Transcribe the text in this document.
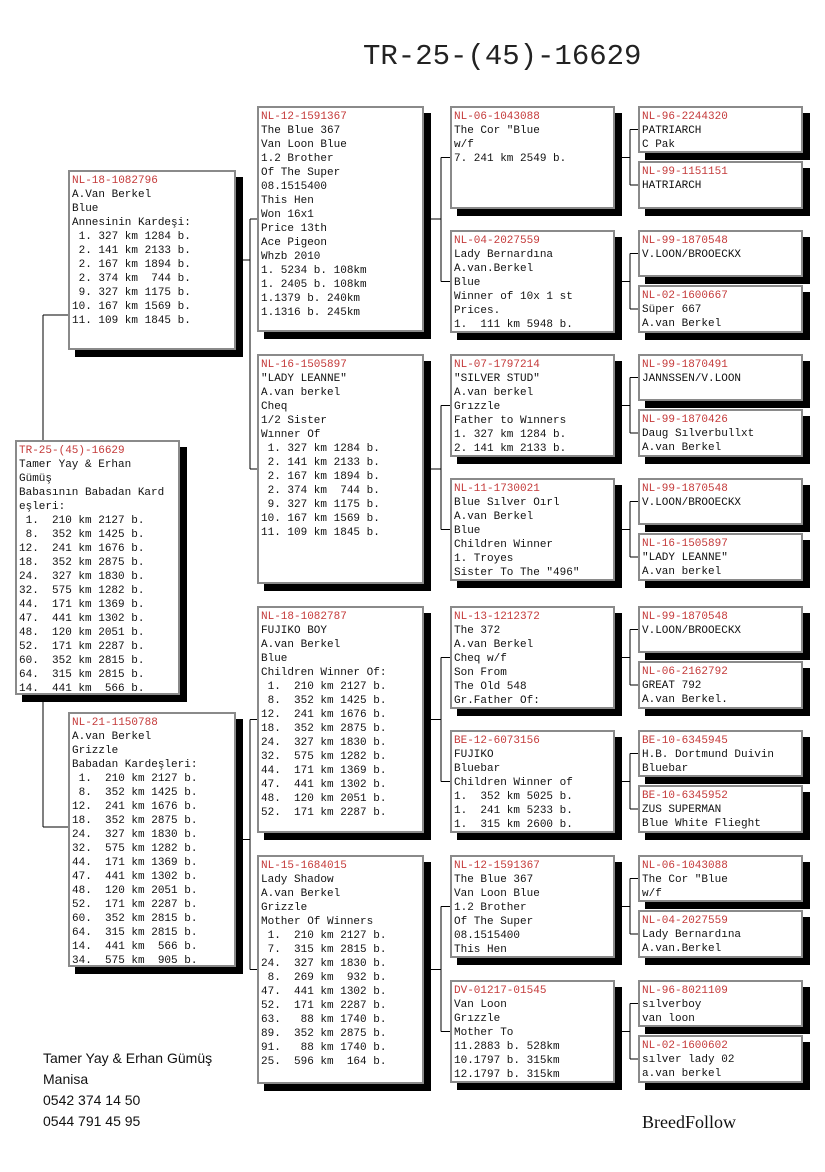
TR-25-(45)-16629
TR-25-(45)-16629
Tamer Yay & Erhan
Gümüş
Babasının Babadan Kard
eşleri:
1.  210 km 2127 b.
8.  352 km 1425 b.
12.  241 km 1676 b.
18.  352 km 2875 b.
24.  327 km 1830 b.
32.  575 km 1282 b.
44.  171 km 1369 b.
47.  441 km 1302 b.
48.  120 km 2051 b.
52.  171 km 2287 b.
60.  352 km 2815 b.
64.  315 km 2815 b.
14.  441 km  566 b.
NL-18-1082796
A.Van Berkel
Blue
Annesinin Kardeşi:
1. 327 km 1284 b.
2. 141 km 2133 b.
2. 167 km 1894 b.
2. 374 km  744 b.
9. 327 km 1175 b.
10. 167 km 1569 b.
11. 109 km 1845 b.
NL-21-1150788
A.van Berkel
Grizzle
Babadan Kardeşleri:
1.  210 km 2127 b.
8.  352 km 1425 b.
12.  241 km 1676 b.
18.  352 km 2875 b.
24.  327 km 1830 b.
32.  575 km 1282 b.
44.  171 km 1369 b.
47.  441 km 1302 b.
48.  120 km 2051 b.
52.  171 km 2287 b.
60.  352 km 2815 b.
64.  315 km 2815 b.
14.  441 km  566 b.
34.  575 km  905 b.
NL-12-1591367
The Blue 367
Van Loon Blue
1.2 Brother
Of The Super
08.1515400
This Hen
Won 16x1
Price 13th
Ace Pigeon
Whzb 2010
1. 5234 b. 108km
1. 2405 b. 108km
1.1379 b. 240km
1.1316 b. 245km
NL-16-1505897
"LADY LEANNE"
A.van berkel
Cheq
1/2 Sister
Wınner Of
1. 327 km 1284 b.
2. 141 km 2133 b.
2. 167 km 1894 b.
2. 374 km  744 b.
9. 327 km 1175 b.
10. 167 km 1569 b.
11. 109 km 1845 b.
NL-18-1082787
FUJIKO BOY
A.van Berkel
Blue
Children Winner Of:
1.  210 km 2127 b.
8.  352 km 1425 b.
12.  241 km 1676 b.
18.  352 km 2875 b.
24.  327 km 1830 b.
32.  575 km 1282 b.
44.  171 km 1369 b.
47.  441 km 1302 b.
48.  120 km 2051 b.
52.  171 km 2287 b.
NL-15-1684015
Lady Shadow
A.van Berkel
Grizzle
Mother Of Winners
1.  210 km 2127 b.
7.  315 km 2815 b.
24.  327 km 1830 b.
8.  269 km  932 b.
47.  441 km 1302 b.
52.  171 km 2287 b.
63.   88 km 1740 b.
89.  352 km 2875 b.
91.   88 km 1740 b.
25.  596 km  164 b.
NL-06-1043088
The Cor "Blue
w/f
7. 241 km 2549 b.
NL-04-2027559
Lady Bernardına
A.van.Berkel
Blue
Winner of 10x 1 st
Prices.
1.  111 km 5948 b.
NL-07-1797214
"SILVER STUD"
A.van berkel
Grızzle
Father to Wınners
1. 327 km 1284 b.
2. 141 km 2133 b.
NL-11-1730021
Blue Sılver Oırl
A.van Berkel
Blue
Children Winner
1. Troyes
Sister To The "496"
NL-13-1212372
The 372
A.van Berkel
Cheq w/f
Son From
The Old 548
Gr.Father Of:
BE-12-6073156
FUJIKO
Bluebar
Children Winner of
1.  352 km 5025 b.
1.  241 km 5233 b.
1.  315 km 2600 b.
NL-12-1591367
The Blue 367
Van Loon Blue
1.2 Brother
Of The Super
08.1515400
This Hen
DV-01217-01545
Van Loon
Grızzle
Mother To
11.2883 b. 528km
10.1797 b. 315km
12.1797 b. 315km
NL-96-2244320
PATRIARCH
C Pak
NL-99-1151151
HATRIARCH
NL-99-1870548
V.LOON/BROOECKX
NL-02-1600667
Süper 667
A.van Berkel
NL-99-1870491
JANNSSEN/V.LOON
NL-99-1870426
Daug Sılverbullxt
A.van Berkel
NL-99-1870548
V.LOON/BROOECKX
NL-16-1505897
"LADY LEANNE"
A.van berkel
NL-99-1870548
V.LOON/BROOECKX
NL-06-2162792
GREAT 792
A.van Berkel.
BE-10-6345945
H.B. Dortmund Duivin
Bluebar
BE-10-6345952
ZUS SUPERMAN
Blue White Flieght
NL-06-1043088
The Cor "Blue
w/f
NL-04-2027559
Lady Bernardına
A.van.Berkel
NL-96-8021109
sılverboy
van loon
NL-02-1600602
sılver lady 02
a.van berkel
Tamer Yay & Erhan Gümüş
Manisa
0542 374 14 50
0544 791 45 95	BreedFollow
